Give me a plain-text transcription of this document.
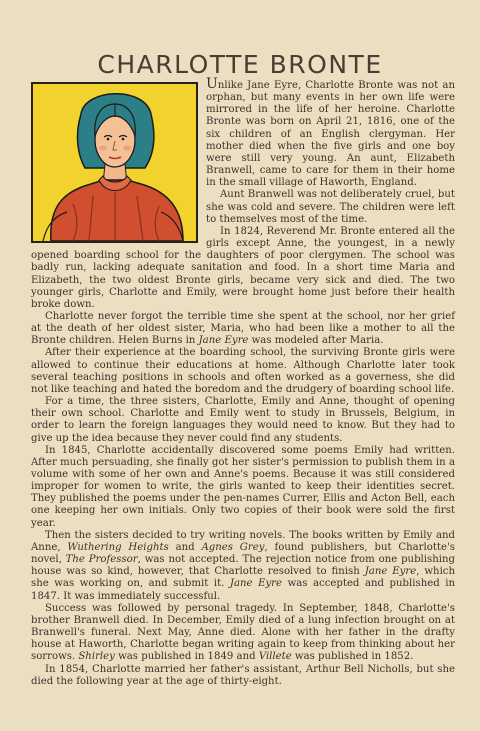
CHARLOTTE BRONTE

Unlike Jane Eyre, Charlotte Bronte was not an orphan, but many events in her own life were mirrored in the life of her heroine. Charlotte Bronte was born on April 21, 1816, one of the six children of an English clergyman. Her mother died when the five girls and one boy were still very young. An aunt, Elizabeth Branwell, came to care for them in their home in the small village of Haworth, England.

Aunt Branwell was not deliberately cruel, but she was cold and severe. The children were left to themselves most of the time.

In 1824, Reverend Mr. Bronte entered all the girls except Anne, the youngest, in a newly opened boarding school for the daughters of poor clergymen. The school was badly run, lacking adequate sanitation and food. In a short time Maria and Elizabeth, the two oldest Bronte girls, became very sick and died. The two younger girls, Charlotte and Emily, were brought home just before their health broke down.

Charlotte never forgot the terrible time she spent at the school, nor her grief at the death of her oldest sister, Maria, who had been like a mother to all the Bronte children. Helen Burns in Jane Eyre was modeled after Maria.

After their experience at the boarding school, the surviving Bronte girls were allowed to continue their educations at home. Although Charlotte later took several teaching positions in schools and often worked as a governess, she did not like teaching and hated the boredom and the drudgery of boarding school life.

For a time, the three sisters, Charlotte, Emily and Anne, thought of opening their own school. Charlotte and Emily went to study in Brussels, Belgium, in order to learn the foreign languages they would need to know. But they had to give up the idea because they never could find any students.

In 1845, Charlotte accidentally discovered some poems Emily had written. After much persuading, she finally got her sister's permission to publish them in a volume with some of her own and Anne's poems. Because it was still considered improper for women to write, the girls wanted to keep their identities secret. They published the poems under the pen-names Currer, Ellis and Acton Bell, each one keeping her own initials. Only two copies of their book were sold the first year.

Then the sisters decided to try writing novels. The books written by Emily and Anne, Wuthering Heights and Agnes Grey, found publishers, but Charlotte's novel, The Professor, was not accepted. The rejection notice from one publishing house was so kind, however, that Charlotte resolved to finish Jane Eyre, which she was working on, and submit it. Jane Eyre was accepted and published in 1847. It was immediately successful.

Success was followed by personal tragedy. In September, 1848, Charlotte's brother Branwell died. In December, Emily died of a lung infection brought on at Branwell's funeral. Next May, Anne died. Alone with her father in the drafty house at Haworth, Charlotte began writing again to keep from thinking about her sorrows. Shirley was published in 1849 and Villete was published in 1852.

In 1854, Charlotte married her father's assistant, Arthur Bell Nicholls, but she died the following year at the age of thirty-eight.
